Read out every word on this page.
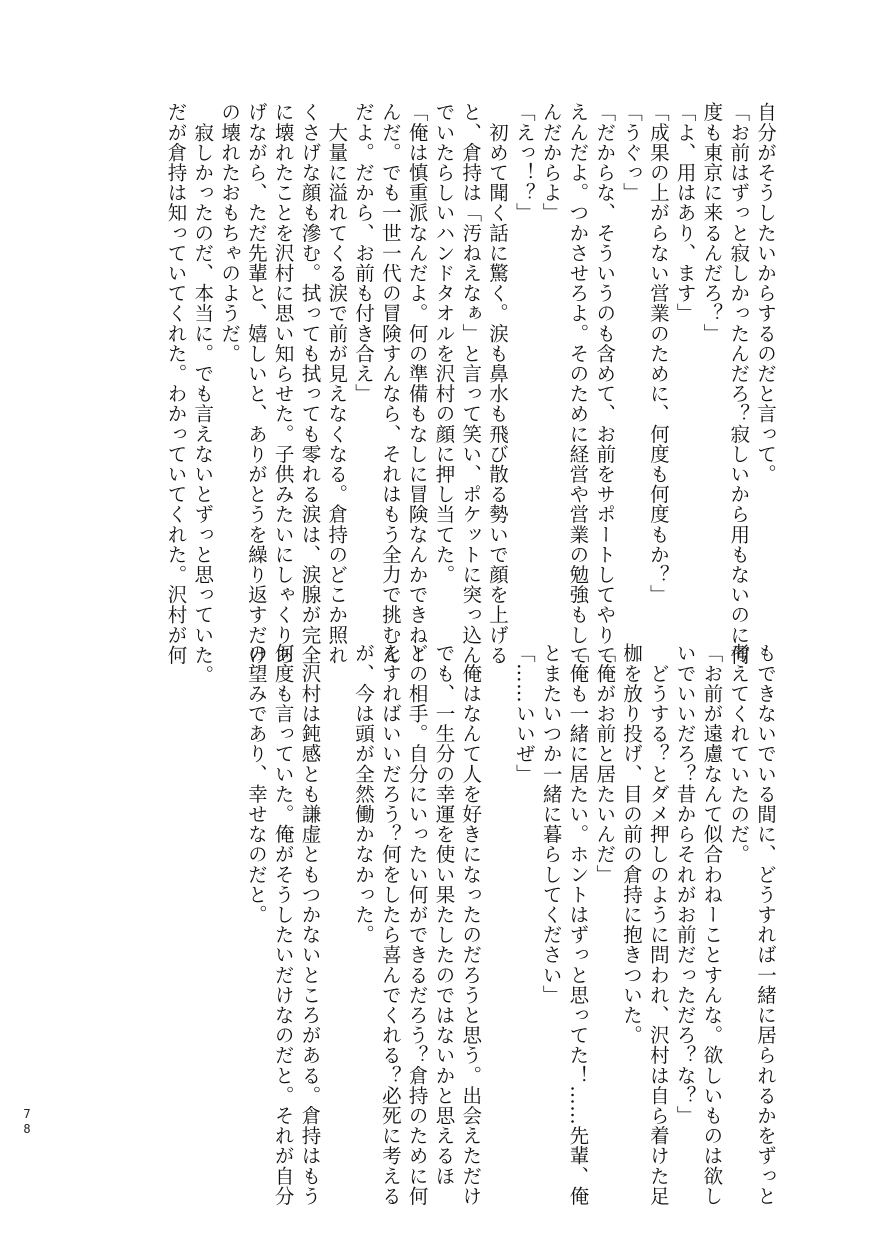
自分がそうしたいからするのだと言って。

「お前はずっと寂しかったんだろ？寂しいから用もないのに何

度も東京に来るんだろ？」

「よ、用はあり、ます」

「成果の上がらない営業のために、何度も何度もか？」

「うぐっ」

「だからな、そういうのも含めて、お前をサポートしてやりて

えんだよ。つかさせろよ。そのために経営や営業の勉強もして

んだからよ」

「えっ！？」

　初めて聞く話に驚く。涙も鼻水も飛び散る勢いで顔を上げる

と、倉持は「汚ねえなぁ」と言って笑い、ポケットに突っ込ん

でいたらしいハンドタオルを沢村の顔に押し当てた。

「俺は慎重派なんだよ。何の準備もなしに冒険なんかできねー

んだ。でも一世一代の冒険すんなら、それはもう全力で挑むん

だよ。だから、お前も付き合え」

　大量に溢れてくる涙で前が見えなくなる。倉持のどこか照れ

くさげな顔も滲む。拭っても拭っても零れる涙は、涙腺が完全

に壊れたことを沢村に思い知らせた。子供みたいにしゃくりあ

げながら、ただ先輩と、嬉しいと、ありがとうを繰り返すだけ

の壊れたおもちゃのようだ。

　寂しかったのだ、本当に。でも言えないとずっと思っていた。

だが倉持は知っていてくれた。わかっていてくれた。沢村が何

もできないでいる間に、どうすれば一緒に居られるかをずっと

考えてくれていたのだ。

「お前が遠慮なんて似合わねーことすんな。欲しいものは欲し

いでいいだろ？昔からそれがお前だっただろ？な？」

　どうする？とダメ押しのように問われ、沢村は自ら着けた足

枷を放り投げ、目の前の倉持に抱きついた。

「俺がお前と居たいんだ」

「俺も一緒に居たい。ホントはずっと思ってた！……先輩、俺

とまたいつか一緒に暮らしてください」

「……いいぜ」

　俺はなんて人を好きになったのだろうと思う。出会えただけ

でも、一生分の幸運を使い果たしたのではないかと思えるほ

どの相手。自分にいったい何ができるだろう？倉持のために何

をすればいいだろう？何をしたら喜んでくれる？必死に考える

が、今は頭が全然働かなかった。

　沢村は鈍感とも謙虚ともつかないところがある。倉持はもう

何度も言っていた。俺がそうしたいだけなのだと。それが自分

の望みであり、幸せなのだと。

7
8
